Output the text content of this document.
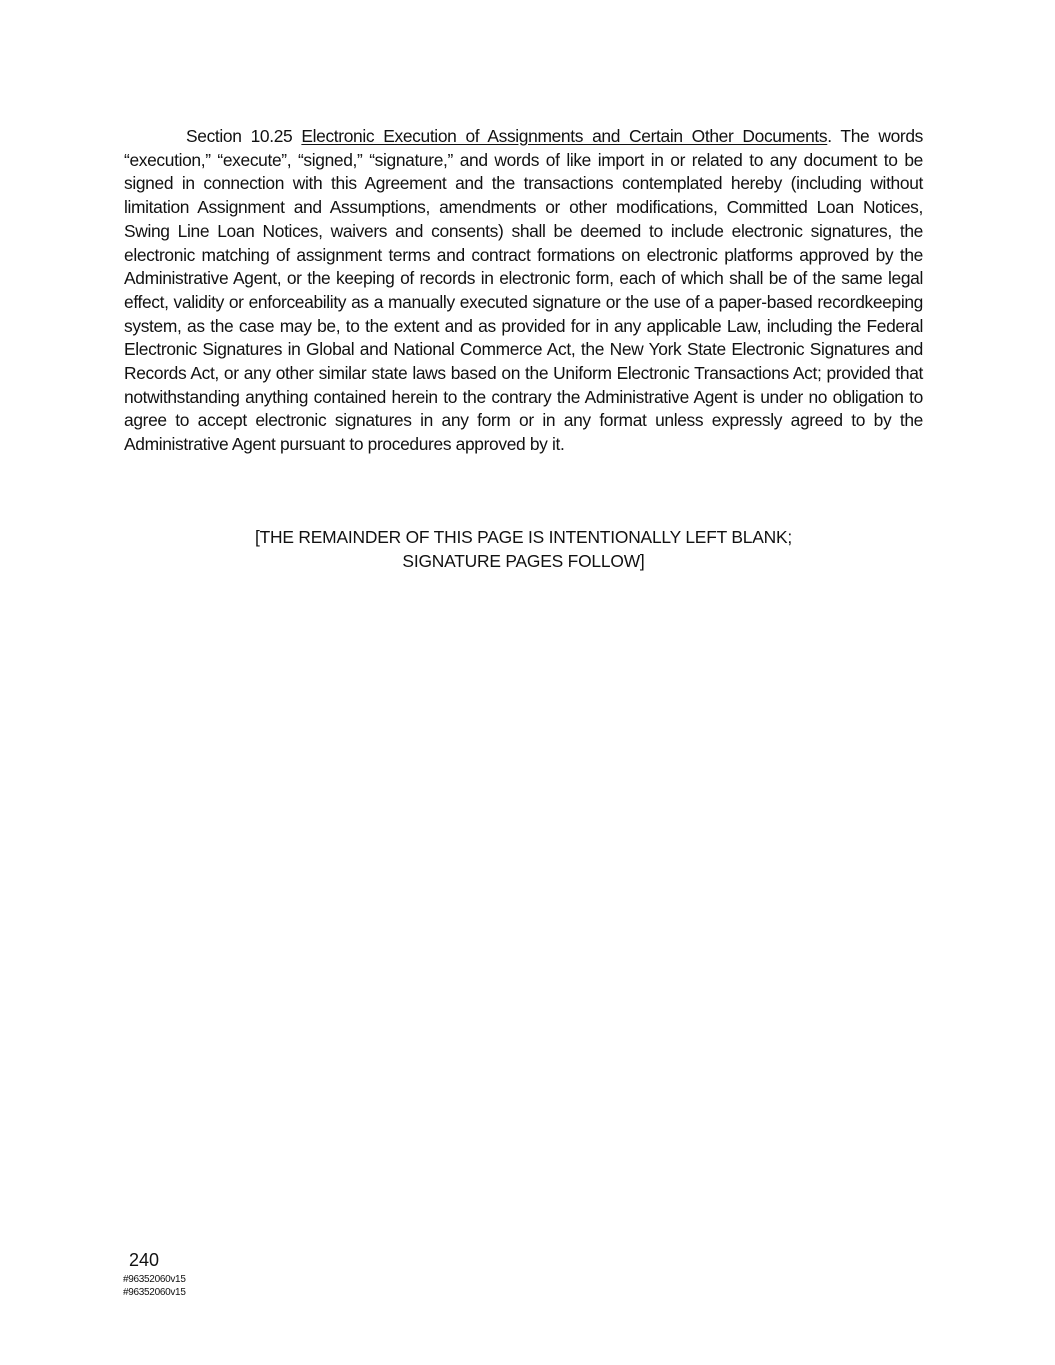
Section 10.25 Electronic Execution of Assignments and Certain Other Documents. The words “execution,” “execute”, “signed,” “signature,” and words of like import in or related to any document to be signed in connection with this Agreement and the transactions contemplated hereby (including without limitation Assignment and Assumptions, amendments or other modifications, Committed Loan Notices, Swing Line Loan Notices, waivers and consents) shall be deemed to include electronic signatures, the electronic matching of assignment terms and contract formations on electronic platforms approved by the Administrative Agent, or the keeping of records in electronic form, each of which shall be of the same legal effect, validity or enforceability as a manually executed signature or the use of a paper-based recordkeeping system, as the case may be, to the extent and as provided for in any applicable Law, including the Federal Electronic Signatures in Global and National Commerce Act, the New York State Electronic Signatures and Records Act, or any other similar state laws based on the Uniform Electronic Transactions Act; provided that notwithstanding anything contained herein to the contrary the Administrative Agent is under no obligation to agree to accept electronic signatures in any form or in any format unless expressly agreed to by the Administrative Agent pursuant to procedures approved by it.

[THE REMAINDER OF THIS PAGE IS INTENTIONALLY LEFT BLANK;
SIGNATURE PAGES FOLLOW]

240

#96352060v15

#96352060v15
